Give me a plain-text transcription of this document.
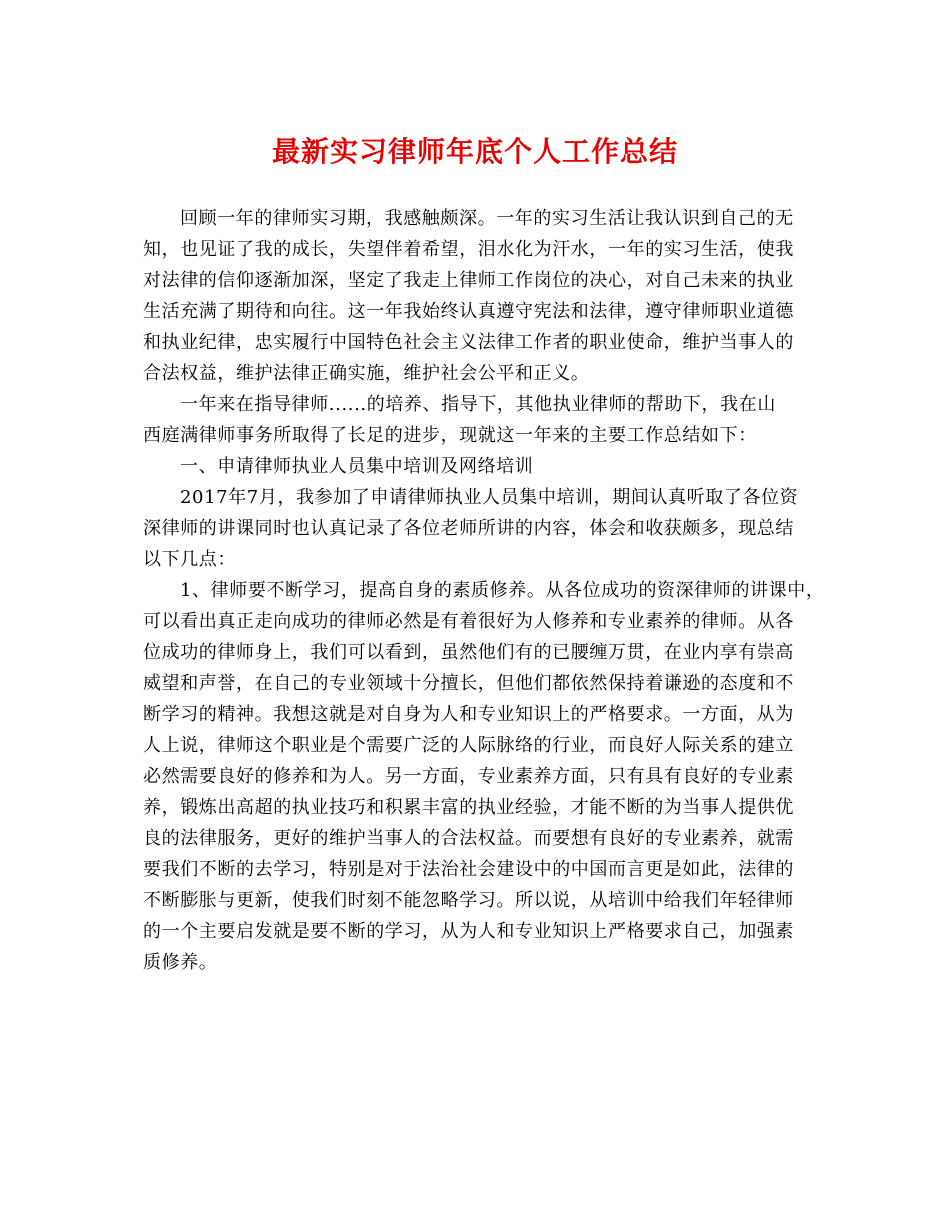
最新实习律师年底个人工作总结
回顾一年的律师实习期，我感触颇深。一年的实习生活让我认识到自己的无
知，也见证了我的成长，失望伴着希望，泪水化为汗水，一年的实习生活，使我
对法律的信仰逐渐加深，坚定了我走上律师工作岗位的决心，对自己未来的执业
生活充满了期待和向往。这一年我始终认真遵守宪法和法律，遵守律师职业道德
和执业纪律，忠实履行中国特色社会主义法律工作者的职业使命，维护当事人的
合法权益，维护法律正确实施，维护社会公平和正义。
一年来在指导律师......的培养、指导下，其他执业律师的帮助下，我在山
西庭满律师事务所取得了长足的进步，现就这一年来的主要工作总结如下：
一、申请律师执业人员集中培训及网络培训
2017年7月，我参加了申请律师执业人员集中培训，期间认真听取了各位资
深律师的讲课同时也认真记录了各位老师所讲的内容，体会和收获颇多，现总结
以下几点：
1、律师要不断学习，提高自身的素质修养。从各位成功的资深律师的讲课中，
可以看出真正走向成功的律师必然是有着很好为人修养和专业素养的律师。从各
位成功的律师身上，我们可以看到，虽然他们有的已腰缠万贯，在业内享有崇高
威望和声誉，在自己的专业领域十分擅长，但他们都依然保持着谦逊的态度和不
断学习的精神。我想这就是对自身为人和专业知识上的严格要求。一方面，从为
人上说，律师这个职业是个需要广泛的人际脉络的行业，而良好人际关系的建立
必然需要良好的修养和为人。另一方面，专业素养方面，只有具有良好的专业素
养，锻炼出高超的执业技巧和积累丰富的执业经验，才能不断的为当事人提供优
良的法律服务，更好的维护当事人的合法权益。而要想有良好的专业素养，就需
要我们不断的去学习，特别是对于法治社会建设中的中国而言更是如此，法律的
不断膨胀与更新，使我们时刻不能忽略学习。所以说，从培训中给我们年轻律师
的一个主要启发就是要不断的学习，从为人和专业知识上严格要求自己，加强素
质修养。
